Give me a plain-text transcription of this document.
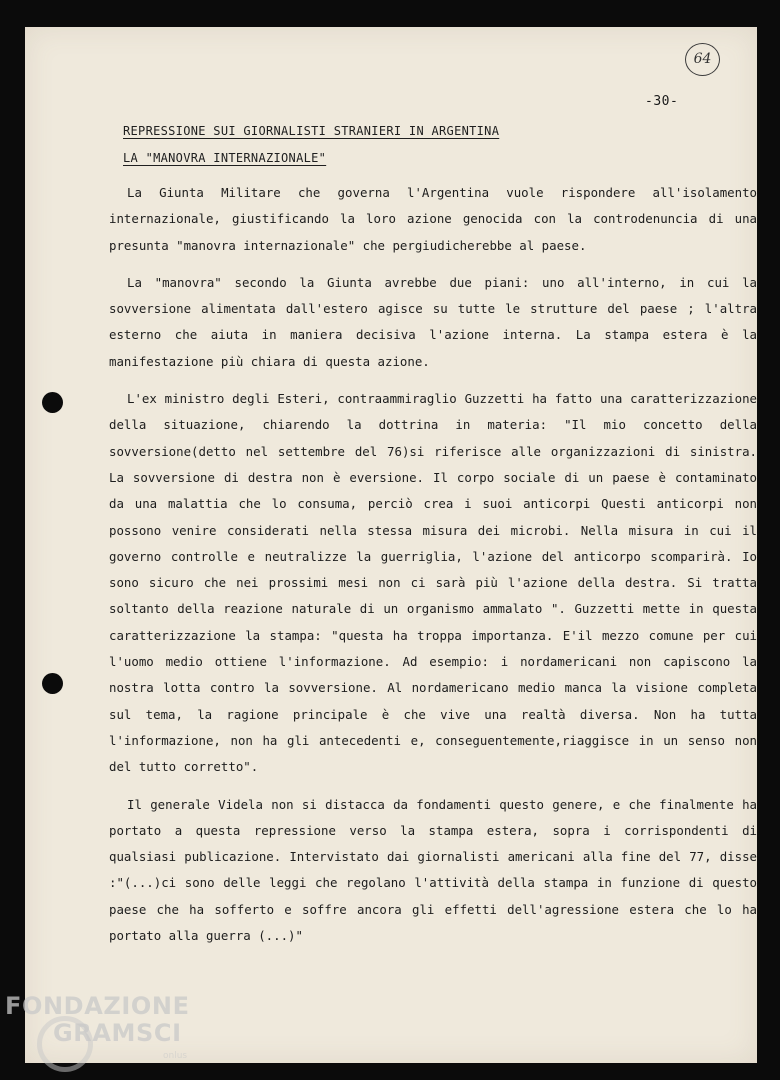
64
-30-
REPRESSIONE SUI GIORNALISTI STRANIERI IN ARGENTINA
LA "MANOVRA INTERNAZIONALE"

La Giunta Militare che governa l'Argentina vuole rispondere all'isolamento internazionale, giustificando la loro azione genocida con la controdenuncia di una presunta "manovra internazionale" che pergiudicherebbe al paese.

La "manovra" secondo la Giunta avrebbe due piani: uno all'interno, in cui la sovversione alimentata dall'estero agisce su tutte le strutture del paese ; l'altra esterno che aiuta in maniera decisiva l'azione interna. La stampa estera è la manifestazione più chiara di questa azione.

L'ex ministro degli Esteri, contraammiraglio Guzzetti ha fatto una caratterizzazione della situazione, chiarendo la dottrina in materia: "Il mio concetto della sovversione(detto nel settembre del 76)si riferisce alle organizzazioni di sinistra. La sovversione di destra non è eversione. Il corpo sociale di un paese è contaminato da una malattia che lo consuma, perciò crea i suoi anticorpi Questi anticorpi non possono venire considerati nella stessa misura dei microbi. Nella misura in cui il governo controlle e neutralizze la guerriglia, l'azione del anticorpo scomparirà. Io sono sicuro che nei prossimi mesi non ci sarà più l'azione della destra. Si tratta soltanto della reazione naturale di un organismo ammalato ". Guzzetti mette in questa caratterizzazione la stampa: "questa ha troppa importanza. E'il mezzo comune per cui l'uomo medio ottiene l'informazione. Ad esempio: i nordamericani non capiscono la nostra lotta contro la sovversione. Al nordamericano medio manca la visione completa sul tema, la ragione principale è che vive una realtà diversa. Non ha tutta l'informazione, non ha gli antecedenti e, conseguentemente,riaggisce in un senso non del tutto corretto".

Il generale Videla non si distacca da fondamenti questo genere, e che finalmente ha portato a questa repressione verso la stampa estera, sopra i corrispondenti di qualsiasi publicazione. Intervistato dai giornalisti americani alla fine del 77, disse :"(...)ci sono delle leggi che regolano l'attività della stampa in funzione di questo paese che ha sofferto e soffre ancora gli effetti dell'agressione estera che lo ha portato alla guerra (...)"

FONDAZIONE
GRAMSCI
onlus
